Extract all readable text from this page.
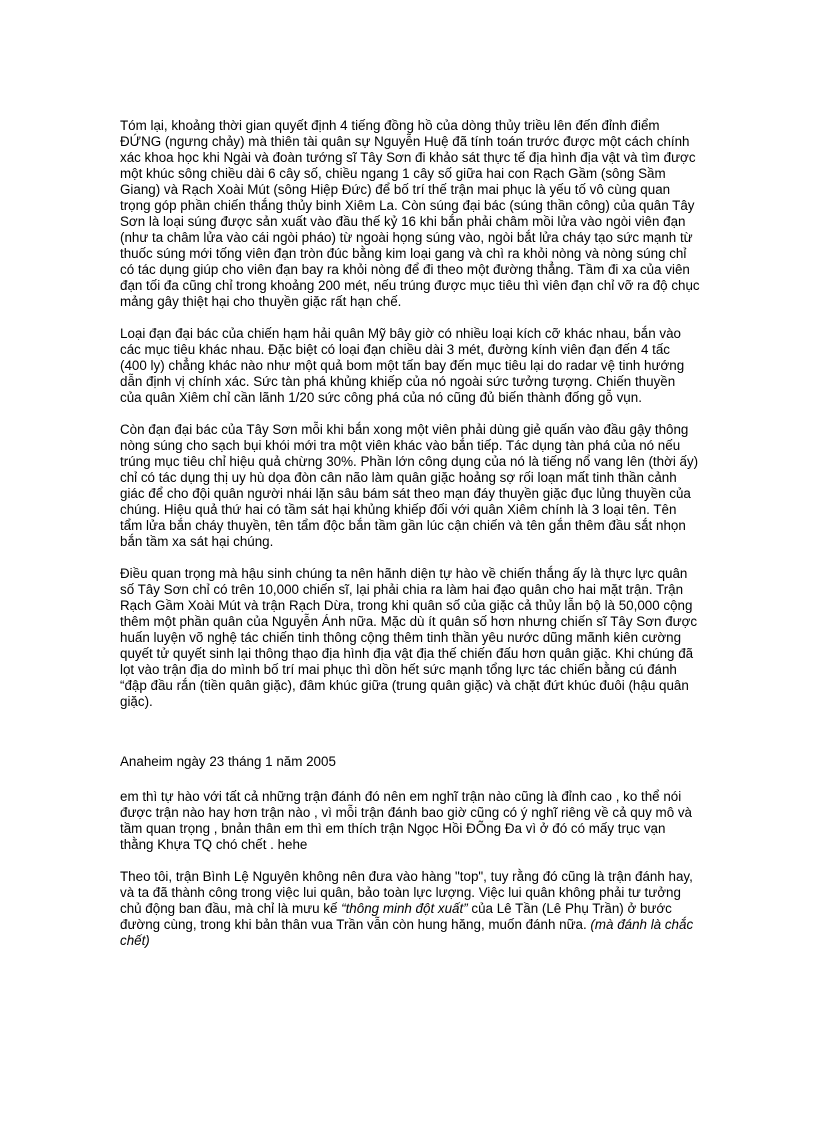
Tóm lại, khoảng thời gian quyết định 4 tiếng đồng hồ của dòng thủy triều lên đến đỉnh điểm ĐỨNG (ngưng chảy) mà thiên tài quân sự Nguyễn Huệ đã tính toán trước được một cách chính xác khoa học khi Ngài và đoàn tướng sĩ Tây Sơn đi khảo sát thực tế địa hình địa vật và tìm được một khúc sông chiều dài 6 cây số, chiều ngang 1 cây số giữa hai con Rạch Gầm (sông Sầm Giang) và Rạch Xoài Mút (sông Hiệp Đức) để bố trí thế trận mai phục là yếu tố vô cùng quan trọng góp phần chiến thắng thủy binh Xiêm La. Còn súng đại bác (súng thần công) của quân Tây Sơn là loại súng được sản xuất vào đầu thế kỷ 16 khi bắn phải châm mồi lửa vào ngòi viên đạn (như ta châm lửa vào cái ngòi pháo) từ ngoài họng súng vào, ngòi bắt lửa cháy tạo sức mạnh từ thuốc súng mới tống viên đạn tròn đúc bằng kim loại gang và chì ra khỏi nòng và nòng súng chỉ có tác dụng giúp cho viên đạn bay ra khỏi nòng để đi theo một đường thẳng. Tầm đi xa của viên đạn tối đa cũng chỉ trong khoảng 200 mét, nếu trúng được mục tiêu thì viên đạn chỉ vỡ ra độ chục mảng gây thiệt hại cho thuyền giặc rất hạn chế.

Loại đạn đại bác của chiến hạm hải quân Mỹ bây giờ có nhiều loại kích cỡ khác nhau, bắn vào các mục tiêu khác nhau. Đặc biệt có loại đạn chiều dài 3 mét, đường kính viên đạn đến 4 tấc (400 ly) chẳng khác nào như một quả bom một tấn bay đến mục tiêu lại do radar vệ tinh hướng dẫn định vị chính xác. Sức tàn phá khủng khiếp của nó ngoài sức tưởng tượng. Chiến thuyền của quân Xiêm chỉ cần lãnh 1/20 sức công phá của nó cũng đủ biến thành đống gỗ vụn.

Còn đạn đại bác của Tây Sơn mỗi khi bắn xong một viên phải dùng giẻ quấn vào đầu gậy thông nòng súng cho sạch bụi khói mới tra một viên khác vào bắn tiếp. Tác dụng tàn phá của nó nếu trúng mục tiêu chỉ hiệu quả chừng 30%. Phần lớn công dụng của nó là tiếng nổ vang lên (thời ấy) chỉ có tác dụng thị uy hù dọa đòn cân não làm quân giặc hoảng sợ rối loạn mất tinh thần cảnh giác để cho đội quân người nhái lặn sâu bám sát theo mạn đáy thuyền giặc đục lủng thuyền của chúng. Hiệu quả thứ hai có tầm sát hại khủng khiếp đối với quân Xiêm chính là 3 loại tên. Tên tẩm lửa bắn cháy thuyền, tên tẩm độc bắn tầm gần lúc cận chiến và tên gắn thêm đầu sắt nhọn bắn tầm xa sát hại chúng.

Điều quan trọng mà hậu sinh chúng ta nên hãnh diện tự hào về chiến thắng ấy là thực lực quân số Tây Sơn chỉ có trên 10,000 chiến sĩ, lại phải chia ra làm hai đạo quân cho hai mặt trận. Trận Rạch Gầm Xoài Mút và trận Rạch Dừa, trong khi quân số của giặc cả thủy lẫn bộ là 50,000 cộng thêm một phần quân của Nguyễn Ánh nữa. Mặc dù ít quân số hơn nhưng chiến sĩ Tây Sơn được huấn luyện võ nghệ tác chiến tinh thông cộng thêm tinh thần yêu nước dũng mãnh kiên cường quyết tử quyết sinh lại thông thạo địa hình địa vật địa thế chiến đấu hơn quân giặc. Khi chúng đã lọt vào trận địa do mình bố trí mai phục thì dồn hết sức mạnh tổng lực tác chiến bằng cú đánh “đập đầu rắn (tiền quân giặc), đâm khúc giữa (trung quân giặc) và chặt đứt khúc đuôi (hậu quân giặc).

Anaheim ngày 23 tháng 1 năm 2005

em thì tự hào với tất cả những trận đánh đó nên em nghĩ trận nào cũng là đỉnh cao , ko thể nói được trận nào hay hơn trận nào , vì mỗi trận đánh bao giờ cũng có ý nghĩ riêng về cả quy mô và tầm quan trọng , bnản thân em thì em thích trận Ngọc Hồi ĐÕng Đa vì ở đó có mấy trục vạn thằng Khựa TQ chó chết . hehe

Theo tôi, trận Bình Lệ Nguyên không nên đưa vào hàng "top", tuy rằng đó cũng là trận đánh hay, và ta đã thành công trong việc lui quân, bảo toàn lực lượng. Việc lui quân không phải tư tưởng chủ động ban đầu, mà chỉ là mưu kế “thông minh đột xuất” của Lê Tần (Lê Phụ Trần) ở bước đường cùng, trong khi bản thân vua Trần vẫn còn hung hăng, muốn đánh nữa. (mà đánh là chắc chết)
